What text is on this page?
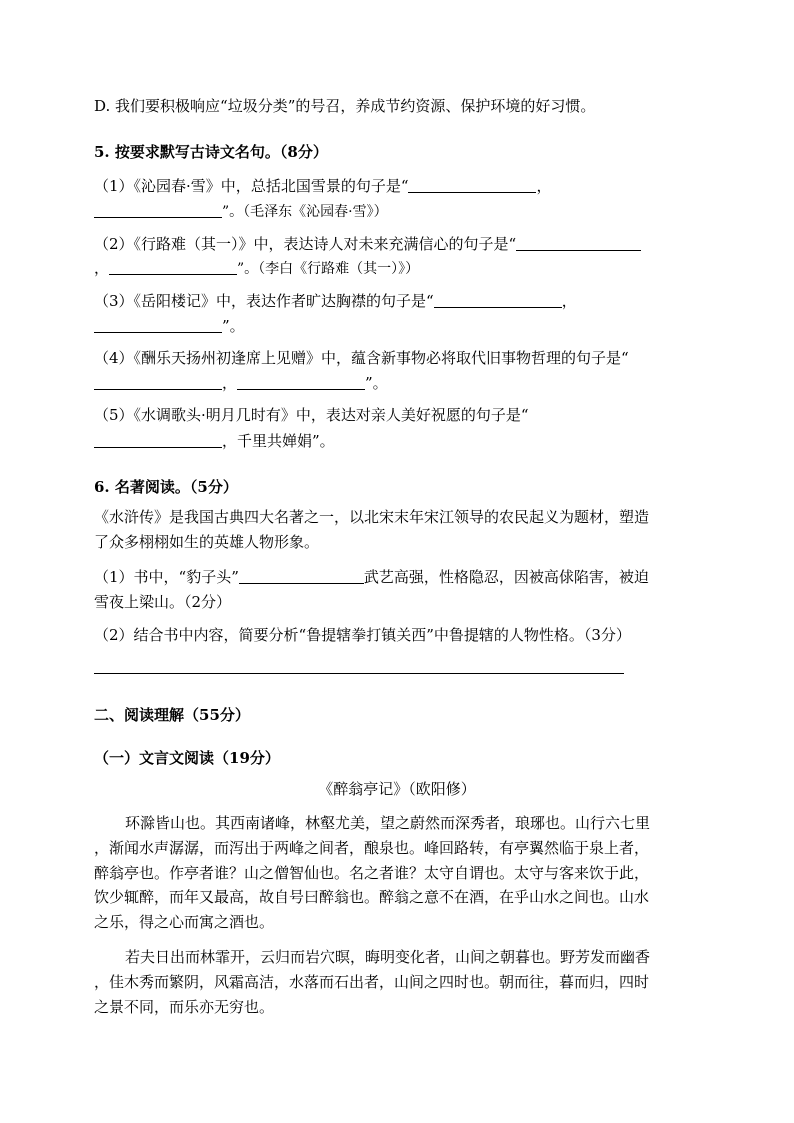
D. 我们要积极响应“垃圾分类”的号召，养成节约资源、保护环境的好习惯。
5. 按要求默写古诗文名句。（8分）
（1）《沁园春·雪》中，总括北国雪景的句子是“	，
”。（毛泽东《沁园春·雪》）
（2）《行路难（其一）》中，表达诗人对未来充满信心的句子是“
，	”。（李白《行路难（其一）》）
（3）《岳阳楼记》中，表达作者旷达胸襟的句子是“	，
”。
（4）《酬乐天扬州初逢席上见赠》中，蕴含新事物必将取代旧事物哲理的句子是“
，	”。
（5）《水调歌头·明月几时有》中，表达对亲人美好祝愿的句子是“
，千里共婵娟”。
6. 名著阅读。（5分）
《水浒传》是我国古典四大名著之一，以北宋末年宋江领导的农民起义为题材，塑造
了众多栩栩如生的英雄人物形象。
（1）书中，“豹子头”	武艺高强，性格隐忍，因被高俅陷害，被迫
雪夜上梁山。（2分）
（2）结合书中内容，简要分析“鲁提辖拳打镇关西”中鲁提辖的人物性格。（3分）
二、阅读理解（55分）
（一）文言文阅读（19分）
《醉翁亭记》（欧阳修）
环滁皆山也。其西南诸峰，林壑尤美，望之蔚然而深秀者，琅琊也。山行六七里
，渐闻水声潺潺，而泻出于两峰之间者，酿泉也。峰回路转，有亭翼然临于泉上者，
醉翁亭也。作亭者谁？山之僧智仙也。名之者谁？太守自谓也。太守与客来饮于此，
饮少辄醉，而年又最高，故自号曰醉翁也。醉翁之意不在酒，在乎山水之间也。山水
之乐，得之心而寓之酒也。
若夫日出而林霏开，云归而岩穴暝，晦明变化者，山间之朝暮也。野芳发而幽香
，佳木秀而繁阴，风霜高洁，水落而石出者，山间之四时也。朝而往，暮而归，四时
之景不同，而乐亦无穷也。
